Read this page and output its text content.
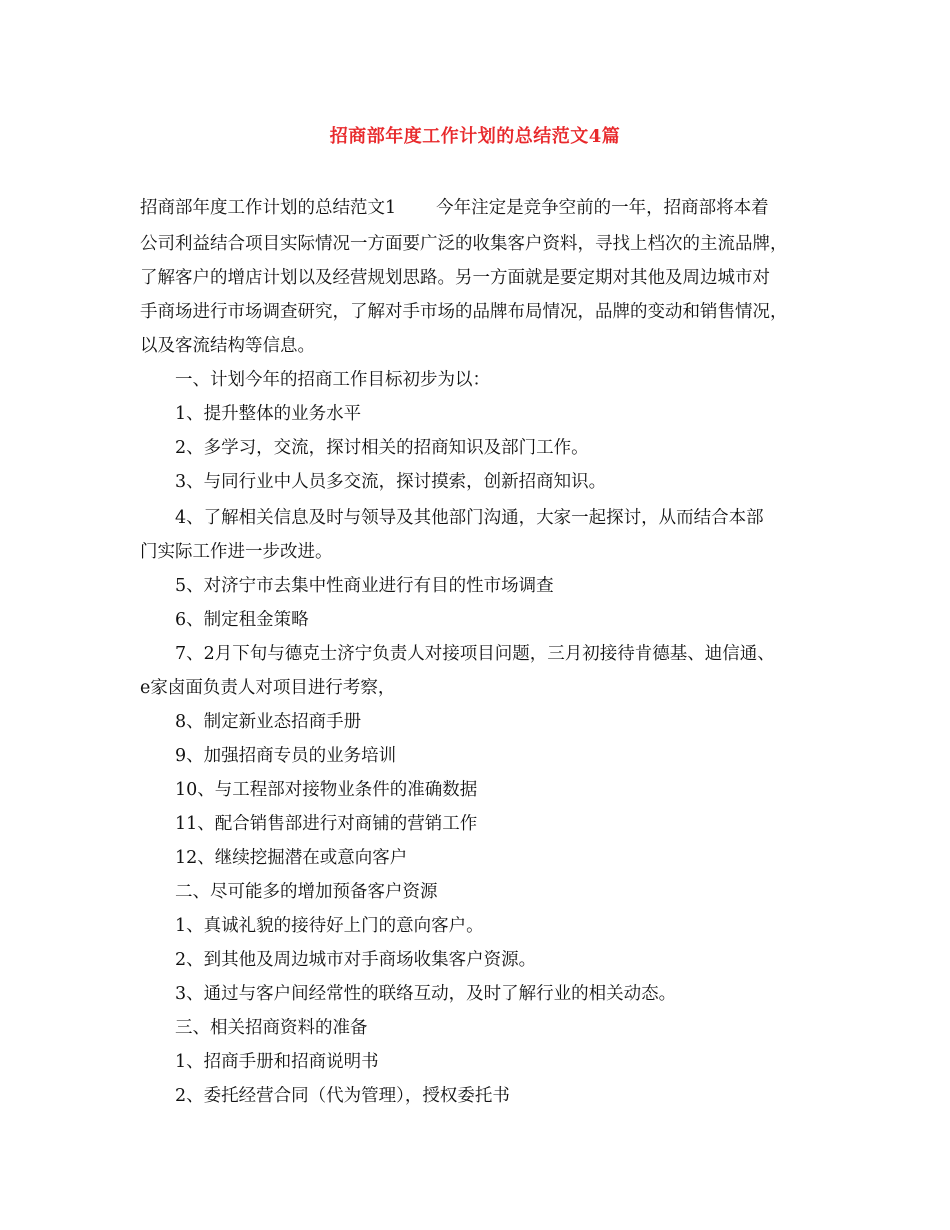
招商部年度工作计划的总结范文4篇
招商部年度工作计划的总结范文1 今年注定是竞争空前的一年，招商部将本着
公司利益结合项目实际情况一方面要广泛的收集客户资料，寻找上档次的主流品牌，
了解客户的增店计划以及经营规划思路。另一方面就是要定期对其他及周边城市对
手商场进行市场调查研究，了解对手市场的品牌布局情况，品牌的变动和销售情况，
以及客流结构等信息。
一、计划今年的招商工作目标初步为以：
1、提升整体的业务水平
2、多学习，交流，探讨相关的招商知识及部门工作。
3、与同行业中人员多交流，探讨摸索，创新招商知识。
4、了解相关信息及时与领导及其他部门沟通，大家一起探讨，从而结合本部
门实际工作进一步改进。
5、对济宁市去集中性商业进行有目的性市场调查
6、制定租金策略
7、2月下旬与德克士济宁负责人对接项目问题，三月初接待肯德基、迪信通、
e家卤面负责人对项目进行考察，
8、制定新业态招商手册
9、加强招商专员的业务培训
10、与工程部对接物业条件的准确数据
11、配合销售部进行对商铺的营销工作
12、继续挖掘潜在或意向客户
二、尽可能多的增加预备客户资源
1、真诚礼貌的接待好上门的意向客户。
2、到其他及周边城市对手商场收集客户资源。
3、通过与客户间经常性的联络互动，及时了解行业的相关动态。
三、相关招商资料的准备
1、招商手册和招商说明书
2、委托经营合同（代为管理），授权委托书
